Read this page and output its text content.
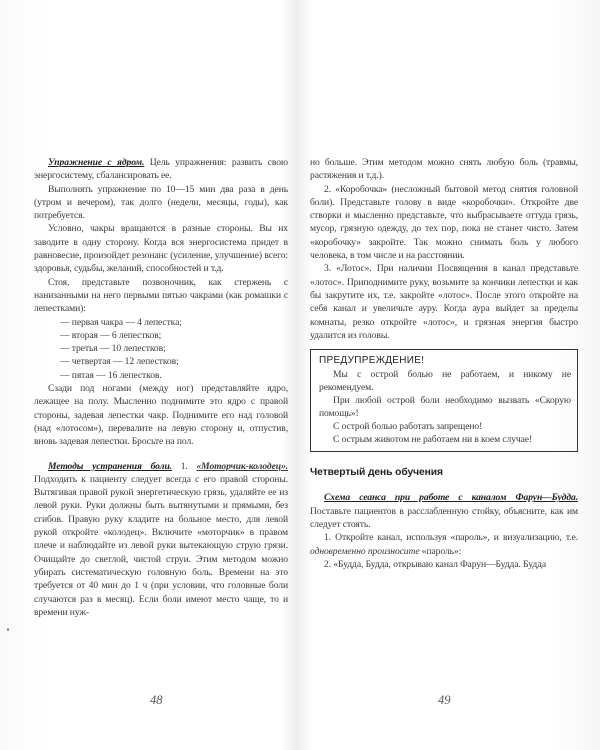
Упражнение с ядром. Цель упражнения: развить свою энергосистему, сбалансировать ее.

Выполнять упражнение по 10—15 мин два раза в день (утром и вечером), так долго (недели, месяцы, годы), как потребуется.

Условно, чакры вращаются в разные стороны. Вы их заводите в одну сторону. Когда вся энергосистема придет в равновесие, произойдет резонанс (усиление, улучшение) всего: здоровья, судьбы, желаний, способностей и т.д.

Стоя, представьте позвоночник, как стержень с нанизанными на него первыми пятью чакрами (как ромашки с лепестками):

— первая чакра — 4 лепестка;

— вторая — 6 лепестков;

— третья — 10 лепестков;

— четвертая — 12 лепестков;

— пятая — 16 лепестков.

Сзади под ногами (между ног) представляйте ядро, лежащее на полу. Мысленно поднимите это ядро с правой стороны, задевая лепестки чакр. Поднимите его над головой (над «лотосом»), перевалите на левую сторону и, отпустив, вновь задевая лепестки. Бросьте на пол.

Методы устранения боли. 1. «Моторчик-колодец». Подходить к пациенту следует всегда с его правой стороны. Вытягивая правой рукой энергетическую грязь, удаляйте ее из левой руки. Руки должны быть вытянутыми и прямыми, без сгибов. Правую руку кладите на больное место, для левой рукой откройте «колодец». Включите «моторчик» в правом плече и наблюдайте из левой руки вытекающую струю грязи. Очищайте до светлой, чистой струи. Этим методом можно убирать систематическую головную боль. Времени на это требуется от 40 мин до 1 ч (при условии, что головные боли случаются раз в месяц). Если боли имеют место чаще, то и времени нуж-

48

но больше. Этим методом можно снять любую боль (травмы, растяжения и т.д.).

2. «Коробочка» (несложный бытовой метод снятия головной боли). Представьте голову в виде «коробочки». Откройте две створки и мысленно представьте, что выбрасываете оттуда грязь, мусор, грязную одежду, до тех пор, пока не станет чисто. Затем «коробочку» закройте. Так можно снимать боль у любого человека, в том числе и на расстоянии.

3. «Лотос». При наличии Посвящения в канал представьте «лотос». Приподнимите руку, возьмите за кончики лепестки и как бы закрутите их, т.е. закройте «лотос». После этого откройте на себя канал и увеличьте ауру. Когда аура выйдет за пределы комнаты, резко откройте «лотос», и грязная энергия быстро удалится из головы.

ПРЕДУПРЕЖДЕНИЕ!

Мы с острой болью не работаем, и никому не рекомендуем.

При любой острой боли необходимо вызвать «Скорую помощь»!

С острой болью работать запрещено!

С острым животом не работаем ни в коем случае!

Четвертый день обучения

Схема сеанса при работе с каналом Фарун—Будда. Поставьте пациентов в расслабленную стойку, объясните, как им следует стоять.

1. Откройте канал, используя «пароль», и визуализацию, т.е. одновременно произносите «пароль»:

2. «Будда, Будда, открываю канал Фарун—Будда. Будда

49
